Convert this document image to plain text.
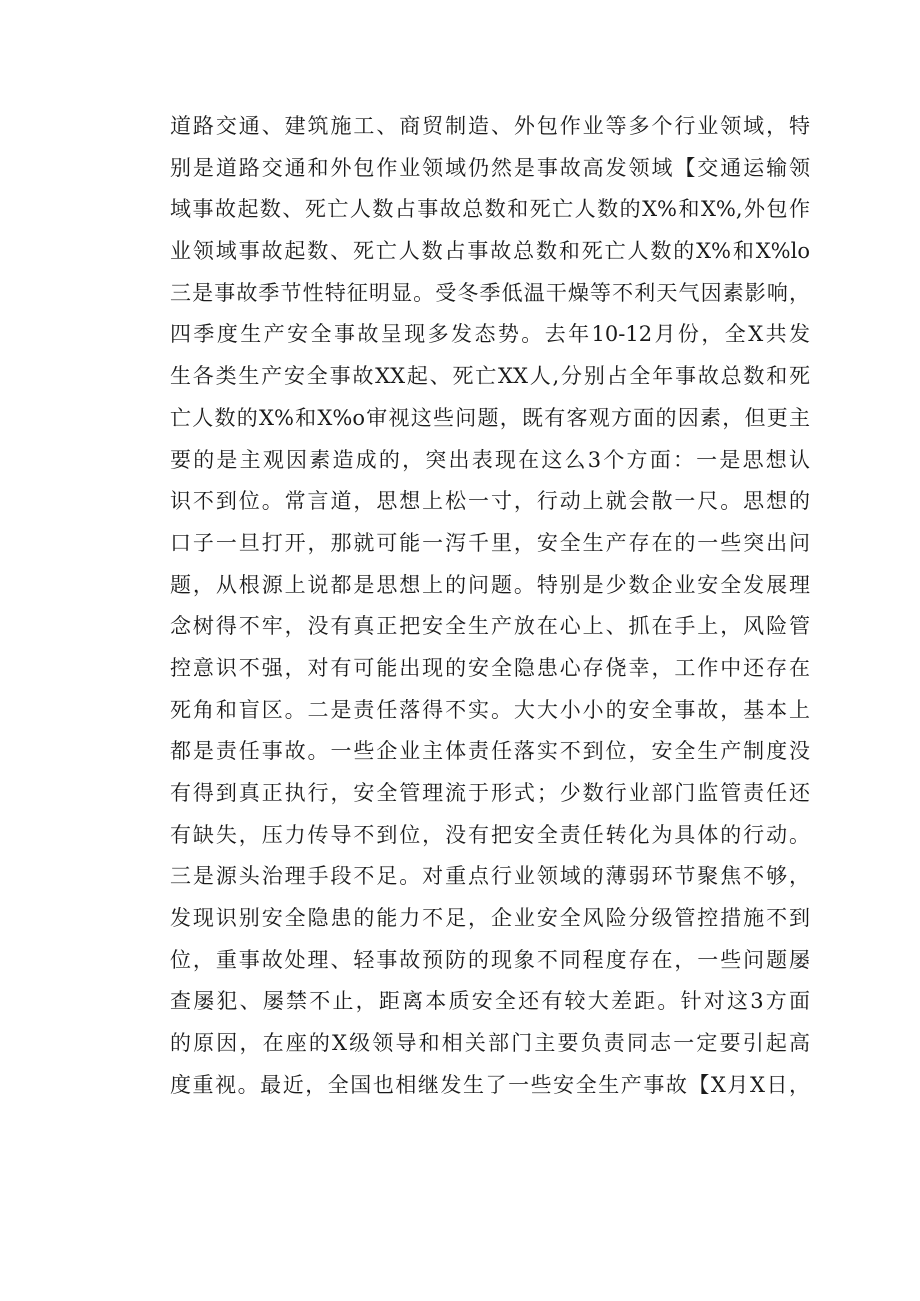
道路交通、建筑施工、商贸制造、外包作业等多个行业领域，特
别是道路交通和外包作业领域仍然是事故高发领域【交通运输领
域事故起数、死亡人数占事故总数和死亡人数的X%和X%,外包作
业领域事故起数、死亡人数占事故总数和死亡人数的X%和X%lo
三是事故季节性特征明显。受冬季低温干燥等不利天气因素影响，
四季度生产安全事故呈现多发态势。去年10-12月份，全X共发
生各类生产安全事故XX起、死亡XX人,分别占全年事故总数和死
亡人数的X%和X%o审视这些问题，既有客观方面的因素，但更主
要的是主观因素造成的，突出表现在这么3个方面：一是思想认
识不到位。常言道，思想上松一寸，行动上就会散一尺。思想的
口子一旦打开，那就可能一泻千里，安全生产存在的一些突出问
题，从根源上说都是思想上的问题。特别是少数企业安全发展理
念树得不牢，没有真正把安全生产放在心上、抓在手上，风险管
控意识不强，对有可能出现的安全隐患心存侥幸，工作中还存在
死角和盲区。二是责任落得不实。大大小小的安全事故，基本上
都是责任事故。一些企业主体责任落实不到位，安全生产制度没
有得到真正执行，安全管理流于形式；少数行业部门监管责任还
有缺失，压力传导不到位，没有把安全责任转化为具体的行动。
三是源头治理手段不足。对重点行业领域的薄弱环节聚焦不够，
发现识别安全隐患的能力不足，企业安全风险分级管控措施不到
位，重事故处理、轻事故预防的现象不同程度存在，一些问题屡
查屡犯、屡禁不止，距离本质安全还有较大差距。针对这3方面
的原因，在座的X级领导和相关部门主要负责同志一定要引起高
度重视。最近，全国也相继发生了一些安全生产事故【X月X日，
